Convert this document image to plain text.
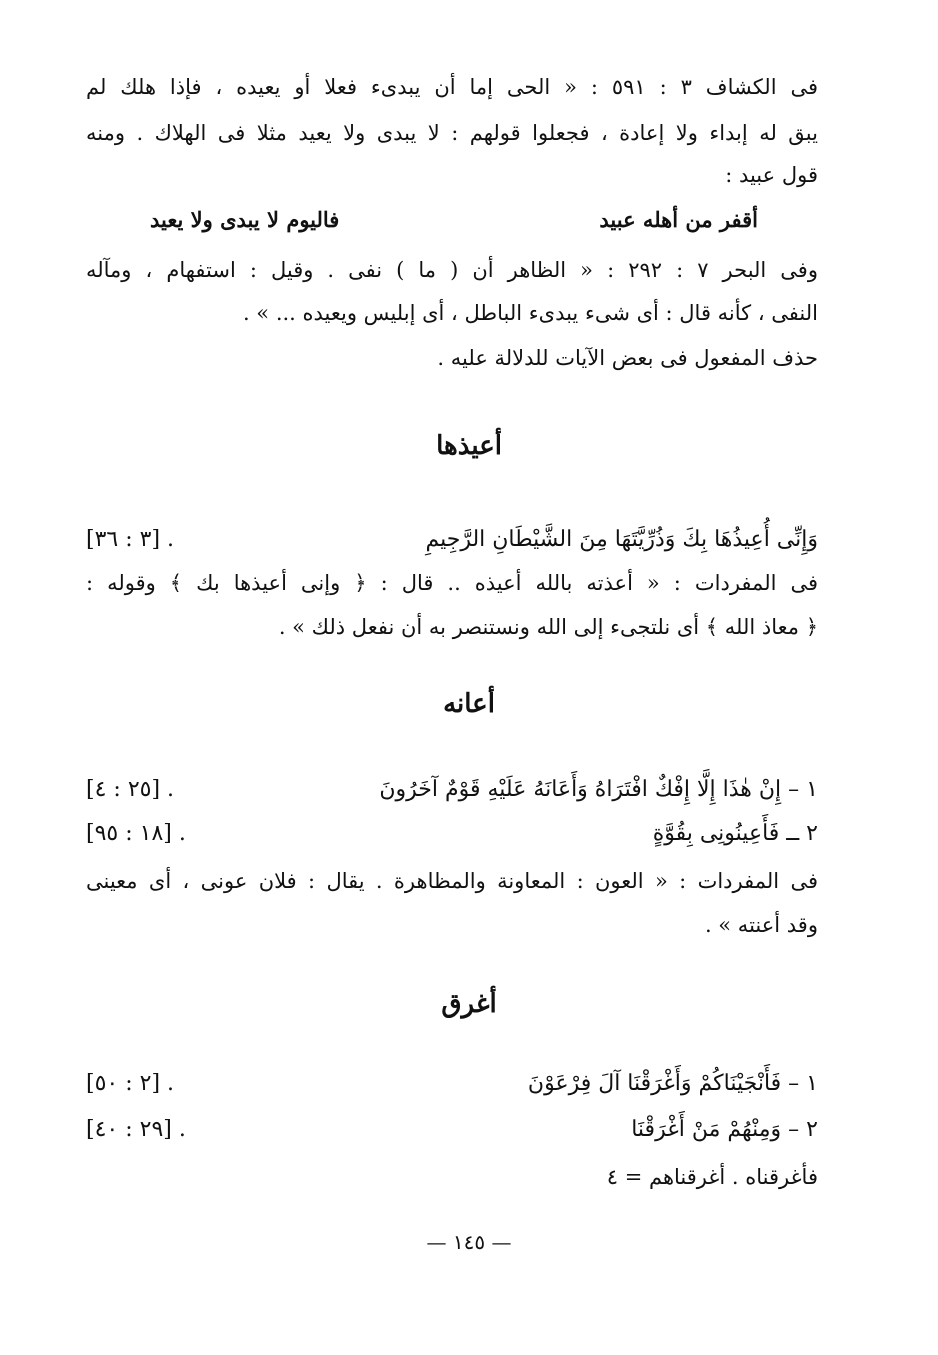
فى الكشاف ٣ : ٥٩١ : « الحى إما أن يبدىء فعلا أو يعيده ، فإذا هلك لم
يبق له إبداء ولا إعادة ، فجعلوا قولهم : لا يبدى ولا يعيد مثلا فى الهلاك . ومنه
قول عبيد :
أقفر من أهله عبيد
فاليوم لا يبدى ولا يعيد
وفى البحر ٧ : ٢٩٢ : « الظاهر أن ( ما ) نفى . وقيل : استفهام ، ومآله
النفى ، كأنه قال : أى شىء يبدىء الباطل ، أى إبليس ويعيده ... » .
حذف المفعول فى بعض الآيات للدلالة عليه .
أعيذها
وَإِنِّى أُعِيذُهَا بِكَ وَذُرِّيَّتَهَا مِنَ الشَّيْطَانِ الرَّجِيمِ
[٣ : ٣٦] .
فى المفردات : « أعذته بالله أعيذه .. قال : ﴿ وإنى أعيذها بك ﴾ وقوله :
﴿ معاذ الله ﴾ أى نلتجىء إلى الله ونستنصر به أن نفعل ذلك » .
أعانه
١ – إِنْ هٰذَا إِلَّا إِفْكٌ افْتَرَاهُ وَأَعَانَهُ عَلَيْهِ قَوْمٌ آخَرُونَ
[٢٥ : ٤] .
٢ ــ فَأَعِينُونِى بِقُوَّةٍ
[١٨ : ٩٥] .
فى المفردات : « العون : المعاونة والمظاهرة . يقال : فلان عونى ، أى معينى
وقد أعنته » .
أغرق
١ – فَأَنْجَيْنَاكُمْ وَأَغْرَقْنَا آلَ فِرْعَوْنَ
[٢ : ٥٠] .
٢ – وَمِنْهُمْ مَنْ أَغْرَقْنَا
[٢٩ : ٤٠] .
فأغرقناه . أغرقناهم = ٤
— ١٤٥ —
